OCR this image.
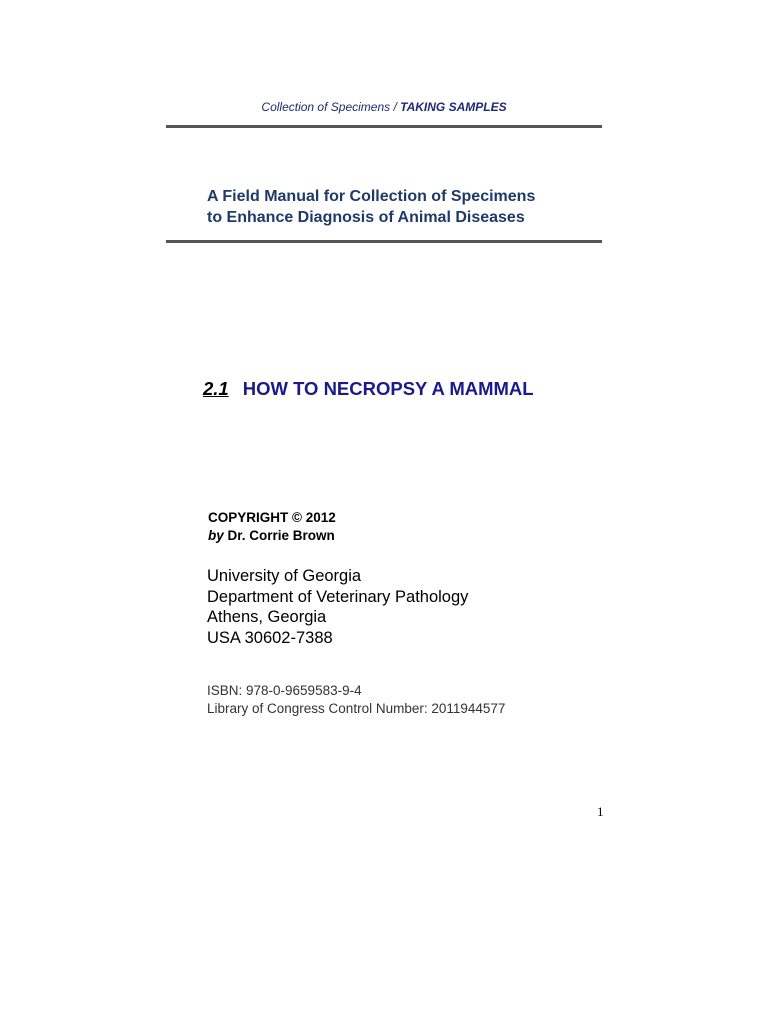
Collection of Specimens / TAKING SAMPLES
A Field Manual for Collection of Specimens
to Enhance Diagnosis of Animal Diseases
2.1 HOW TO NECROPSY A MAMMAL
COPYRIGHT © 2012
by Dr. Corrie Brown
University of Georgia
Department of Veterinary Pathology
Athens, Georgia
USA 30602-7388
ISBN: 978-0-9659583-9-4
Library of Congress Control Number: 2011944577
1
